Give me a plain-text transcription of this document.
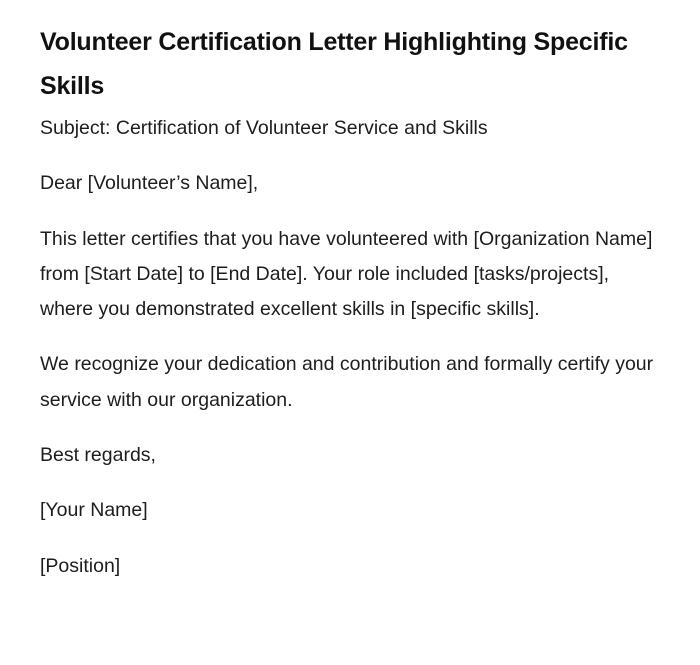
Volunteer Certification Letter Highlighting Specific Skills

Subject: Certification of Volunteer Service and Skills

Dear [Volunteer’s Name],

This letter certifies that you have volunteered with [Organization Name] from [Start Date] to [End Date]. Your role included [tasks/projects], where you demonstrated excellent skills in [specific skills].

We recognize your dedication and contribution and formally certify your service with our organization.

Best regards,

[Your Name]

[Position]
